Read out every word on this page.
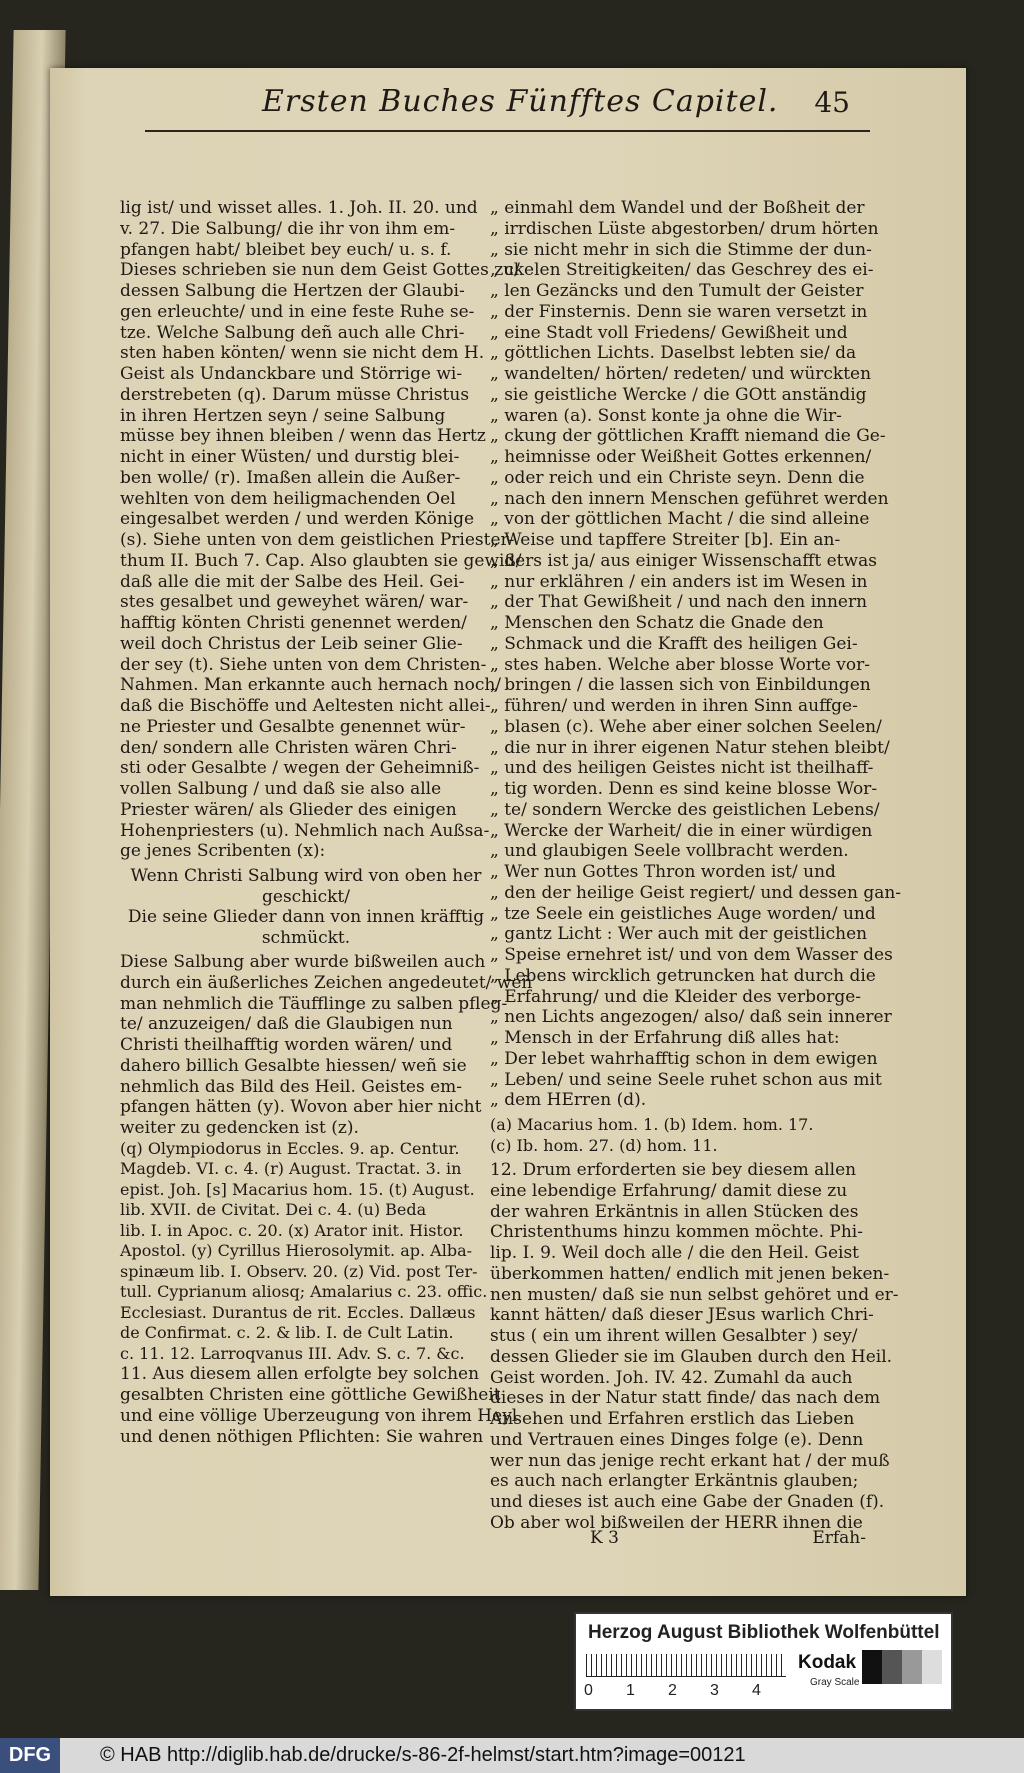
Ersten Buches Fünfftes Capitel. 45
lig ist/ und wisset alles. 1. Joh. II. 20. und
v. 27. Die Salbung/ die ihr von ihm em-
pfangen habt/ bleibet bey euch/ u. s. f.
Dieses schrieben sie nun dem Geist Gottes zu/
dessen Salbung die Hertzen der Glaubi-
gen erleuchte/ und in eine feste Ruhe se-
tze. Welche Salbung deñ auch alle Chri-
sten haben könten/ wenn sie nicht dem H.
Geist als Undanckbare und Störrige wi-
derstrebeten (q). Darum müsse Christus
in ihren Hertzen seyn / seine Salbung
müsse bey ihnen bleiben / wenn das Hertz
nicht in einer Wüsten/ und durstig blei-
ben wolle/ (r). Imaßen allein die Außer-
wehlten von dem heiligmachenden Oel
eingesalbet werden / und werden Könige
(s). Siehe unten von dem geistlichen Priester-
thum II. Buch 7. Cap. Also glaubten sie gewiß/
daß alle die mit der Salbe des Heil. Gei-
stes gesalbet und geweyhet wären/ war-
hafftig könten Christi genennet werden/
weil doch Christus der Leib seiner Glie-
der sey (t). Siehe unten von dem Christen-
Nahmen. Man erkannte auch hernach noch/
daß die Bischöffe und Aeltesten nicht allei-
ne Priester und Gesalbte genennet wür-
den/ sondern alle Christen wären Chri-
sti oder Gesalbte / wegen der Geheimniß-
vollen Salbung / und daß sie also alle
Priester wären/ als Glieder des einigen
Hohenpriesters (u). Nehmlich nach Außsa-
ge jenes Scribenten (x):
Wenn Christi Salbung wird von oben her
geschickt/
Die seine Glieder dann von innen kräfftig
schmückt.
Diese Salbung aber wurde bißweilen auch
durch ein äußerliches Zeichen angedeutet/ weñ
man nehmlich die Täufflinge zu salben pfleg-
te/ anzuzeigen/ daß die Glaubigen nun
Christi theilhafftig worden wären/ und
dahero billich Gesalbte hiessen/ weñ sie
nehmlich das Bild des Heil. Geistes em-
pfangen hätten (y). Wovon aber hier nicht
weiter zu gedencken ist (z).
(q) Olympiodorus in Eccles. 9. ap. Centur.
Magdeb. VI. c. 4. (r) August. Tractat. 3. in
epist. Joh. [s] Macarius hom. 15. (t) August.
lib. XVII. de Civitat. Dei c. 4. (u) Beda
lib. I. in Apoc. c. 20. (x) Arator init. Histor.
Apostol. (y) Cyrillus Hierosolymit. ap. Alba-
spinæum lib. I. Observ. 20. (z) Vid. post Ter-
tull. Cyprianum aliosq; Amalarius c. 23. offic.
Ecclesiast. Durantus de rit. Eccles. Dallæus
de Confirmat. c. 2. & lib. I. de Cult Latin.
c. 11. 12. Larroqvanus III. Adv. S. c. 7. &c.
11. Aus diesem allen erfolgte bey solchen
gesalbten Christen eine göttliche Gewißheit
und eine völlige Uberzeugung von ihrem Heyl
und denen nöthigen Pflichten: Sie wahren
„ einmahl dem Wandel und der Boßheit der
„ irrdischen Lüste abgestorben/ drum hörten
„ sie nicht mehr in sich die Stimme der dun-
„ ckelen Streitigkeiten/ das Geschrey des ei-
„ len Gezäncks und den Tumult der Geister
„ der Finsternis. Denn sie waren versetzt in
„ eine Stadt voll Friedens/ Gewißheit und
„ göttlichen Lichts. Daselbst lebten sie/ da
„ wandelten/ hörten/ redeten/ und würckten
„ sie geistliche Wercke / die GOtt anständig
„ waren (a). Sonst konte ja ohne die Wir-
„ ckung der göttlichen Krafft niemand die Ge-
„ heimnisse oder Weißheit Gottes erkennen/
„ oder reich und ein Christe seyn. Denn die
„ nach den innern Menschen geführet werden
„ von der göttlichen Macht / die sind alleine
„ Weise und tapffere Streiter [b]. Ein an-
„ ders ist ja/ aus einiger Wissenschafft etwas
„ nur erklähren / ein anders ist im Wesen in
„ der That Gewißheit / und nach den innern
„ Menschen den Schatz die Gnade den
„ Schmack und die Krafft des heiligen Gei-
„ stes haben. Welche aber blosse Worte vor-
„ bringen / die lassen sich von Einbildungen
„ führen/ und werden in ihren Sinn auffge-
„ blasen (c). Wehe aber einer solchen Seelen/
„ die nur in ihrer eigenen Natur stehen bleibt/
„ und des heiligen Geistes nicht ist theilhaff-
„ tig worden. Denn es sind keine blosse Wor-
„ te/ sondern Wercke des geistlichen Lebens/
„ Wercke der Warheit/ die in einer würdigen
„ und glaubigen Seele vollbracht werden.
„ Wer nun Gottes Thron worden ist/ und
„ den der heilige Geist regiert/ und dessen gan-
„ tze Seele ein geistliches Auge worden/ und
„ gantz Licht : Wer auch mit der geistlichen
„ Speise ernehret ist/ und von dem Wasser des
„ Lebens wircklich getruncken hat durch die
„ Erfahrung/ und die Kleider des verborge-
„ nen Lichts angezogen/ also/ daß sein innerer
„ Mensch in der Erfahrung diß alles hat:
„ Der lebet wahrhafftig schon in dem ewigen
„ Leben/ und seine Seele ruhet schon aus mit
„ dem HErren (d).
(a) Macarius hom. 1. (b) Idem. hom. 17.
(c) Ib. hom. 27. (d) hom. 11.
12. Drum erforderten sie bey diesem allen
eine lebendige Erfahrung/ damit diese zu
der wahren Erkäntnis in allen Stücken des
Christenthums hinzu kommen möchte. Phi-
lip. I. 9. Weil doch alle / die den Heil. Geist
überkommen hatten/ endlich mit jenen beken-
nen musten/ daß sie nun selbst gehöret und er-
kannt hätten/ daß dieser JEsus warlich Chri-
stus ( ein um ihrent willen Gesalbter ) sey/
dessen Glieder sie im Glauben durch den Heil.
Geist worden. Joh. IV. 42. Zumahl da auch
dieses in der Natur statt finde/ das nach dem
Ansehen und Erfahren erstlich das Lieben
und Vertrauen eines Dinges folge (e). Denn
wer nun das jenige recht erkant hat / der muß
es auch nach erlangter Erkäntnis glauben;
und dieses ist auch eine Gabe der Gnaden (f).
Ob aber wol bißweilen der HERR ihnen die
K 3	Erfah-
Herzog August Bibliothek Wolfenbüttel
0 1 2 3 4
Kodak
Gray Scale
DFG	© HAB http://diglib.hab.de/drucke/s-86-2f-helmst/start.htm?image=00121
